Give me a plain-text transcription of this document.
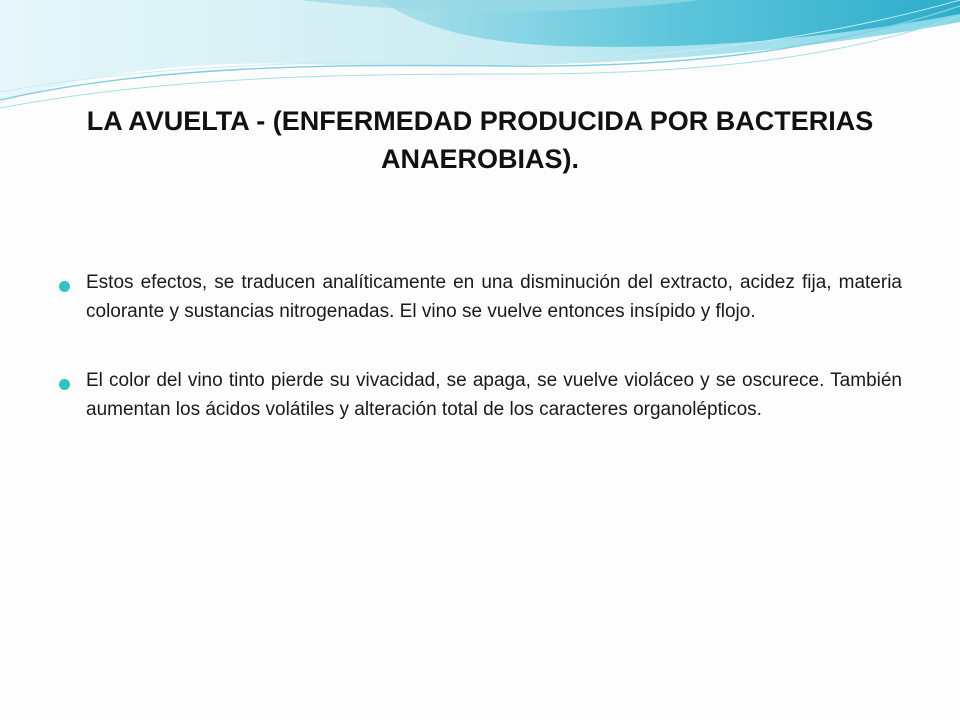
LA AVUELTA - (ENFERMEDAD PRODUCIDA POR BACTERIAS ANAEROBIAS).

Estos efectos, se traducen analíticamente en una disminución del extracto, acidez fija, materia colorante y sustancias nitrogenadas. El vino se vuelve entonces insípido y flojo.

El color del vino tinto pierde su vivacidad, se apaga, se vuelve violáceo y se oscurece. También aumentan los ácidos volátiles y alteración total de los caracteres organolépticos.
